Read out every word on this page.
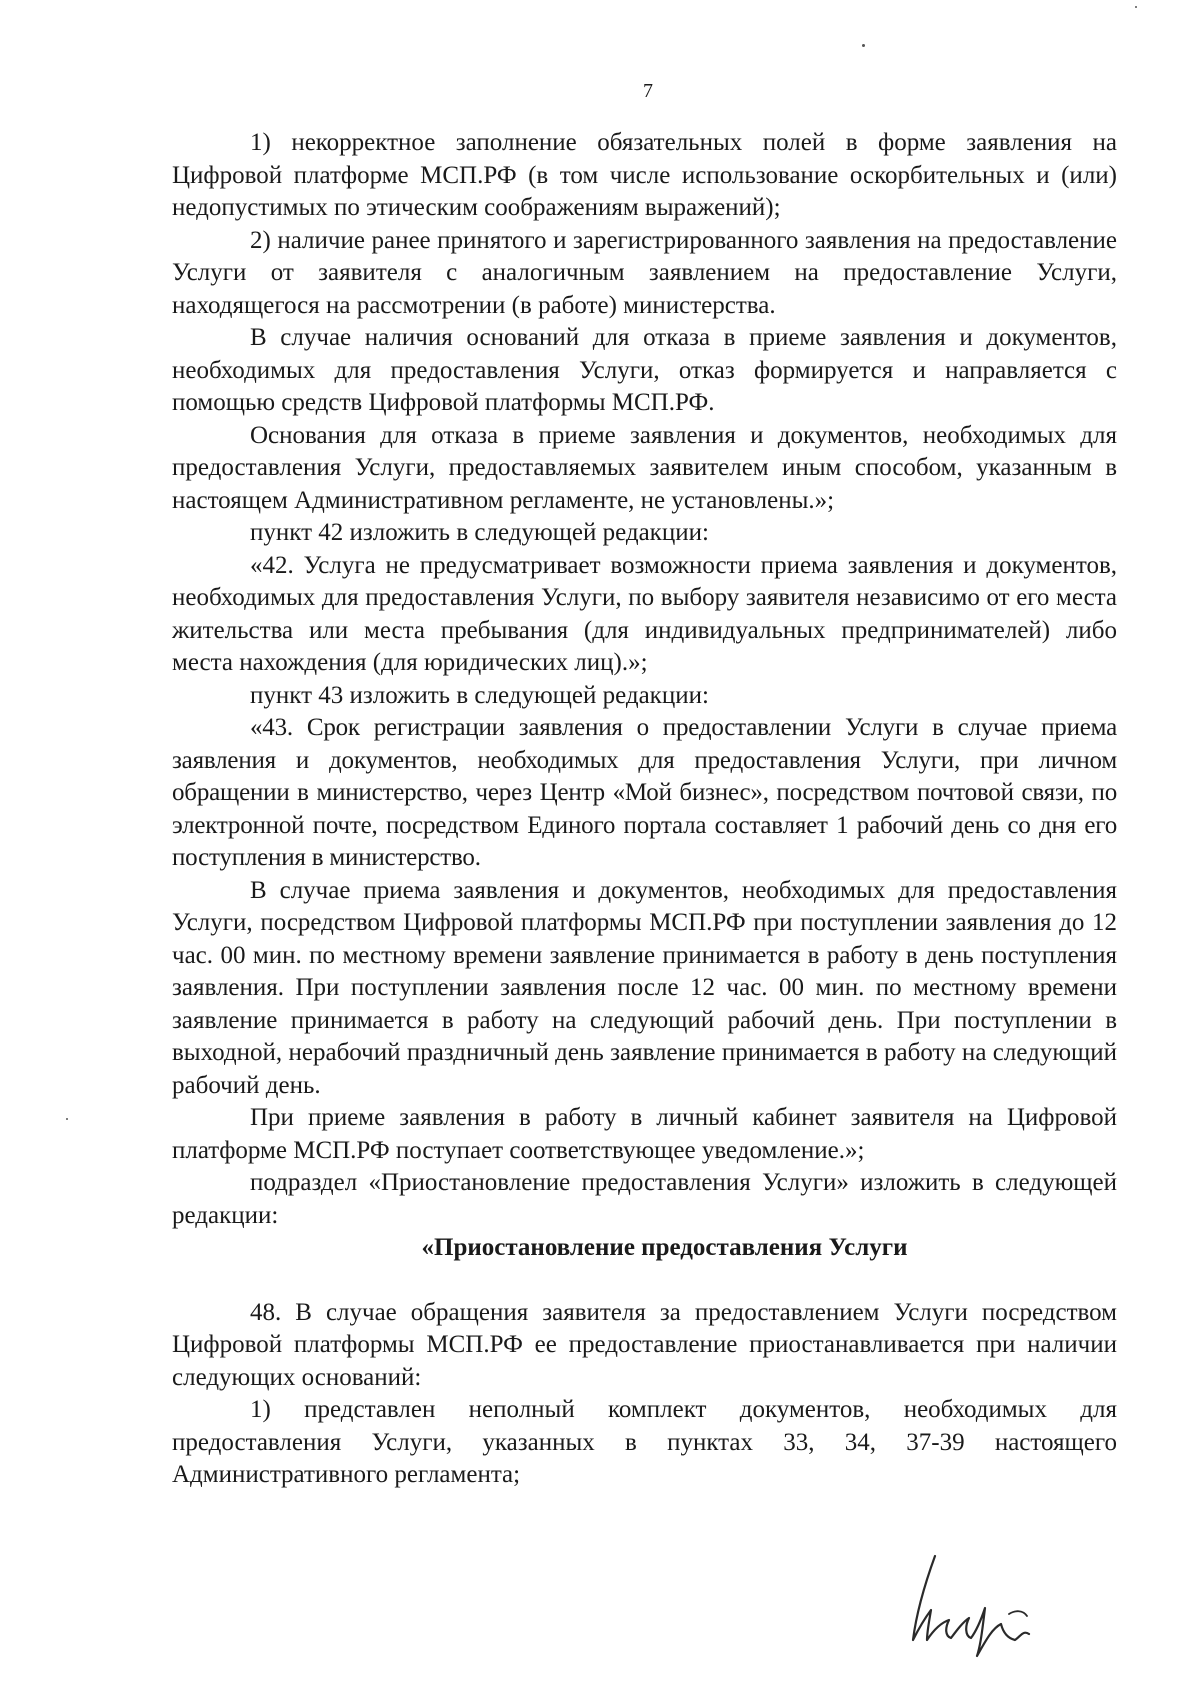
7

1) некорректное заполнение обязательных полей в форме заявления на Цифровой платформе МСП.РФ (в том числе использование оскорбительных и (или) недопустимых по этическим соображениям выражений);

2) наличие ранее принятого и зарегистрированного заявления на предоставление Услуги от заявителя с аналогичным заявлением на предоставление Услуги, находящегося на рассмотрении (в работе) министерства.

В случае наличия оснований для отказа в приеме заявления и документов, необходимых для предоставления Услуги, отказ формируется и направляется с помощью средств Цифровой платформы МСП.РФ.

Основания для отказа в приеме заявления и документов, необходимых для предоставления Услуги, предоставляемых заявителем иным способом, указанным в настоящем Административном регламенте, не установлены.»;

пункт 42 изложить в следующей редакции:

«42. Услуга не предусматривает возможности приема заявления и документов, необходимых для предоставления Услуги, по выбору заявителя независимо от его места жительства или места пребывания (для индивидуальных предпринимателей) либо места нахождения (для юридических лиц).»;

пункт 43 изложить в следующей редакции:

«43. Срок регистрации заявления о предоставлении Услуги в случае приема заявления и документов, необходимых для предоставления Услуги, при личном обращении в министерство, через Центр «Мой бизнес», посредством почтовой связи, по электронной почте, посредством Единого портала составляет 1 рабочий день со дня его поступления в министерство.

В случае приема заявления и документов, необходимых для предоставления Услуги, посредством Цифровой платформы МСП.РФ при поступлении заявления до 12 час. 00 мин. по местному времени заявление принимается в работу в день поступления заявления. При поступлении заявления после 12 час. 00 мин. по местному времени заявление принимается в работу на следующий рабочий день. При поступлении в выходной, нерабочий праздничный день заявление принимается в работу на следующий рабочий день.

При приеме заявления в работу в личный кабинет заявителя на Цифровой платформе МСП.РФ поступает соответствующее уведомление.»;

подраздел «Приостановление предоставления Услуги» изложить в следующей редакции:

«Приостановление предоставления Услуги

48. В случае обращения заявителя за предоставлением Услуги посредством Цифровой платформы МСП.РФ ее предоставление приостанавливается при наличии следующих оснований:

1) представлен неполный комплект документов, необходимых для предоставления Услуги, указанных в пунктах 33, 34, 37-39 настоящего Административного регламента;
